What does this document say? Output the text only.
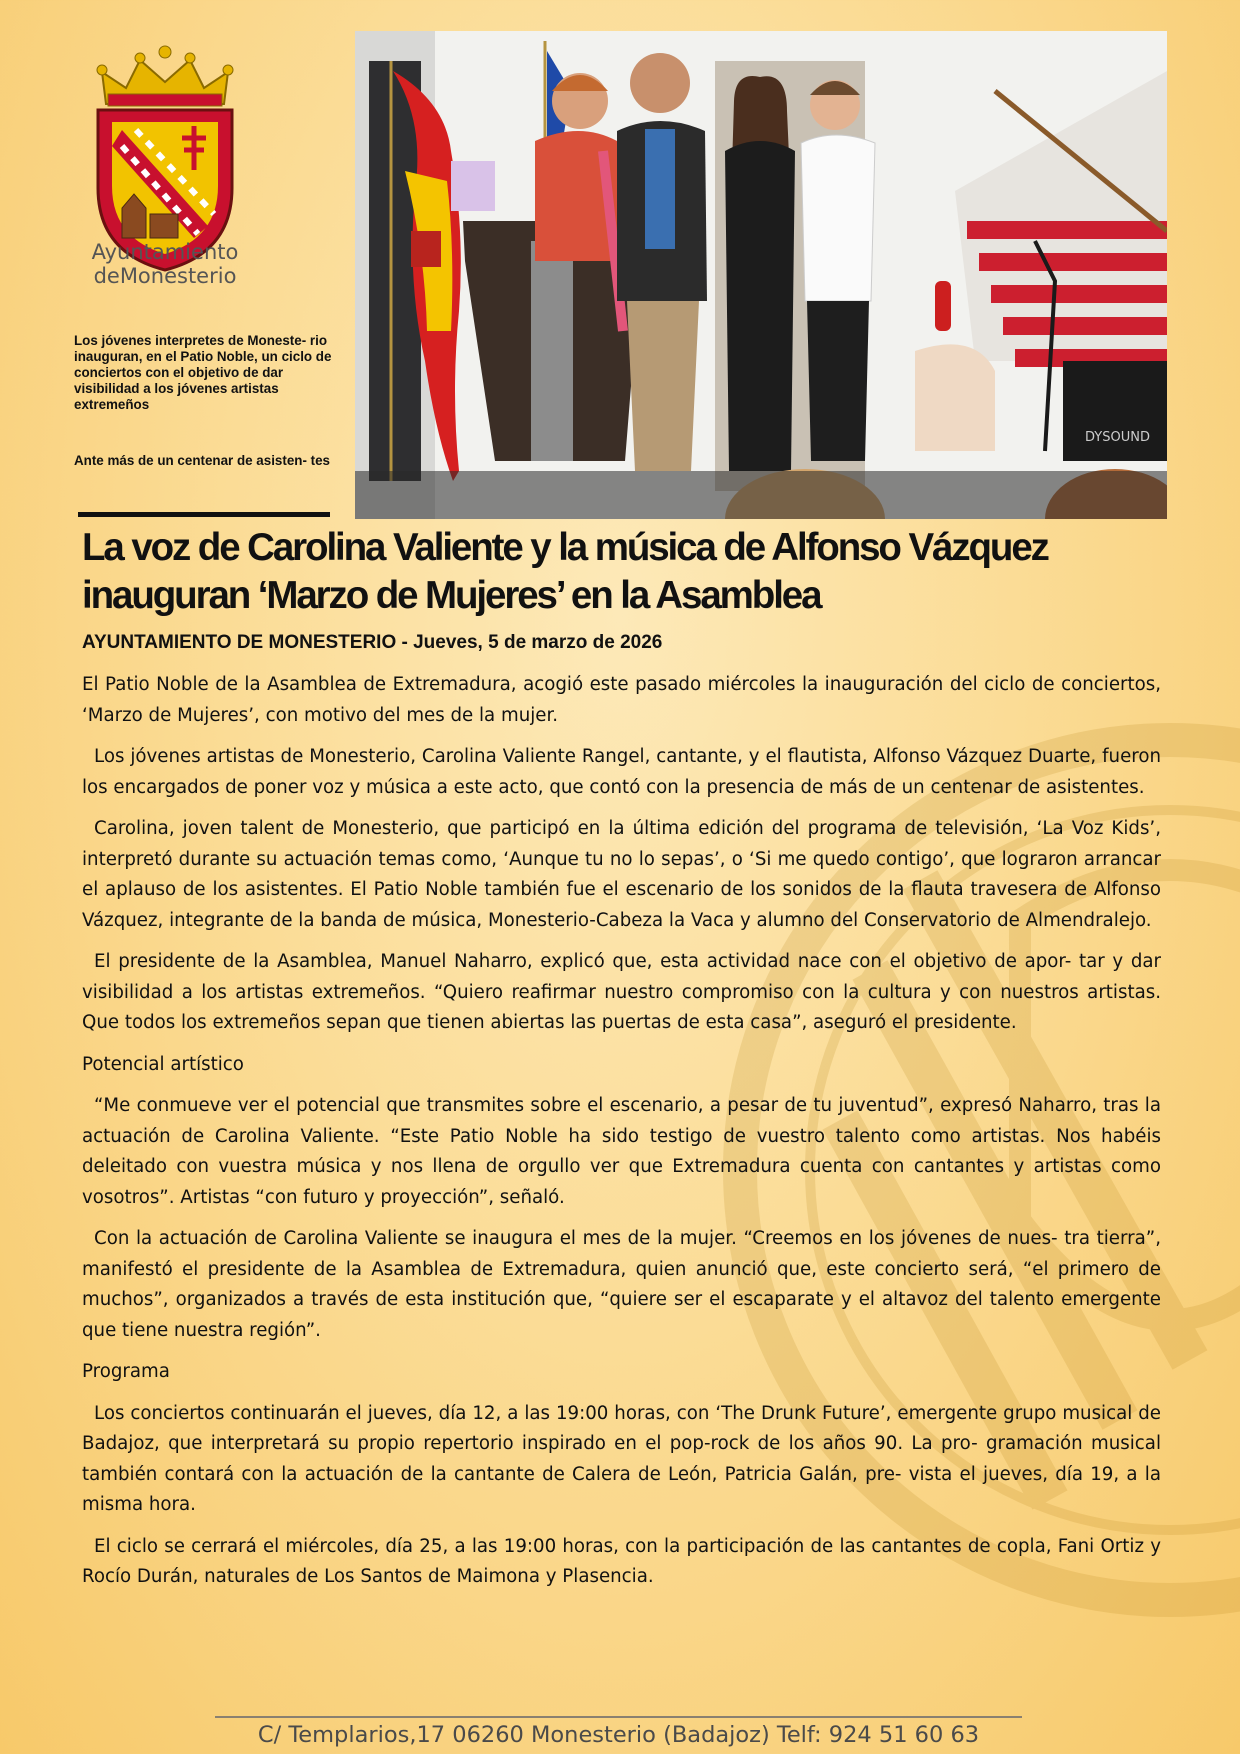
Ayuntamiento
deMonesterio
Los jóvenes interpretes de Moneste- rio inauguran, en el Patio Noble, un ciclo de conciertos con el objetivo de dar visibilidad a los jóvenes artistas extremeños
Ante más de un centenar de asisten- tes
DYSOUND
La voz de Carolina Valiente y la música de Alfonso Vázquez inauguran ‘Marzo de Mujeres’ en la Asamblea

AYUNTAMIENTO DE MONESTERIO - Jueves, 5 de marzo de 2026

El Patio Noble de la Asamblea de Extremadura, acogió este pasado miércoles la inauguración del ciclo de conciertos, ‘Marzo de Mujeres’, con motivo del mes de la mujer.

Los jóvenes artistas de Monesterio, Carolina Valiente Rangel, cantante, y el flautista, Alfonso Vázquez Duarte, fueron los encargados de poner voz y música a este acto, que contó con la presencia de más de un centenar de asistentes.

Carolina, joven talent de Monesterio, que participó en la última edición del programa de televisión, ‘La Voz Kids’, interpretó durante su actuación temas como, ‘Aunque tu no lo sepas’, o ‘Si me quedo contigo’, que lograron arrancar el aplauso de los asistentes. El Patio Noble también fue el escenario de los sonidos de la flauta travesera de Alfonso Vázquez, integrante de la banda de música, Monesterio-Cabeza la Vaca y alumno del Conservatorio de Almendralejo.

El presidente de la Asamblea, Manuel Naharro, explicó que, esta actividad nace con el objetivo de apor- tar y dar visibilidad a los artistas extremeños. “Quiero reafirmar nuestro compromiso con la cultura y con nuestros artistas. Que todos los extremeños sepan que tienen abiertas las puertas de esta casa”, aseguró el presidente.

Potencial artístico

“Me conmueve ver el potencial que transmites sobre el escenario, a pesar de tu juventud”, expresó Naharro, tras la actuación de Carolina Valiente. “Este Patio Noble ha sido testigo de vuestro talento como artistas. Nos habéis deleitado con vuestra música y nos llena de orgullo ver que Extremadura cuenta con cantantes y artistas como vosotros”. Artistas “con futuro y proyección”, señaló.

Con la actuación de Carolina Valiente se inaugura el mes de la mujer. “Creemos en los jóvenes de nues- tra tierra”, manifestó el presidente de la Asamblea de Extremadura, quien anunció que, este concierto será, “el primero de muchos”, organizados a través de esta institución que, “quiere ser el escaparate y el altavoz del talento emergente que tiene nuestra región”.

Programa

Los conciertos continuarán el jueves, día 12, a las 19:00 horas, con ‘The Drunk Future’, emergente grupo musical de Badajoz, que interpretará su propio repertorio inspirado en el pop-rock de los años 90. La pro- gramación musical también contará con la actuación de la cantante de Calera de León, Patricia Galán, pre- vista el jueves, día 19, a la misma hora.

El ciclo se cerrará el miércoles, día 25, a las 19:00 horas, con la participación de las cantantes de copla, Fani Ortiz y Rocío Durán, naturales de Los Santos de Maimona y Plasencia.

C/ Templarios,17 06260 Monesterio (Badajoz) Telf: 924 51 60 63
